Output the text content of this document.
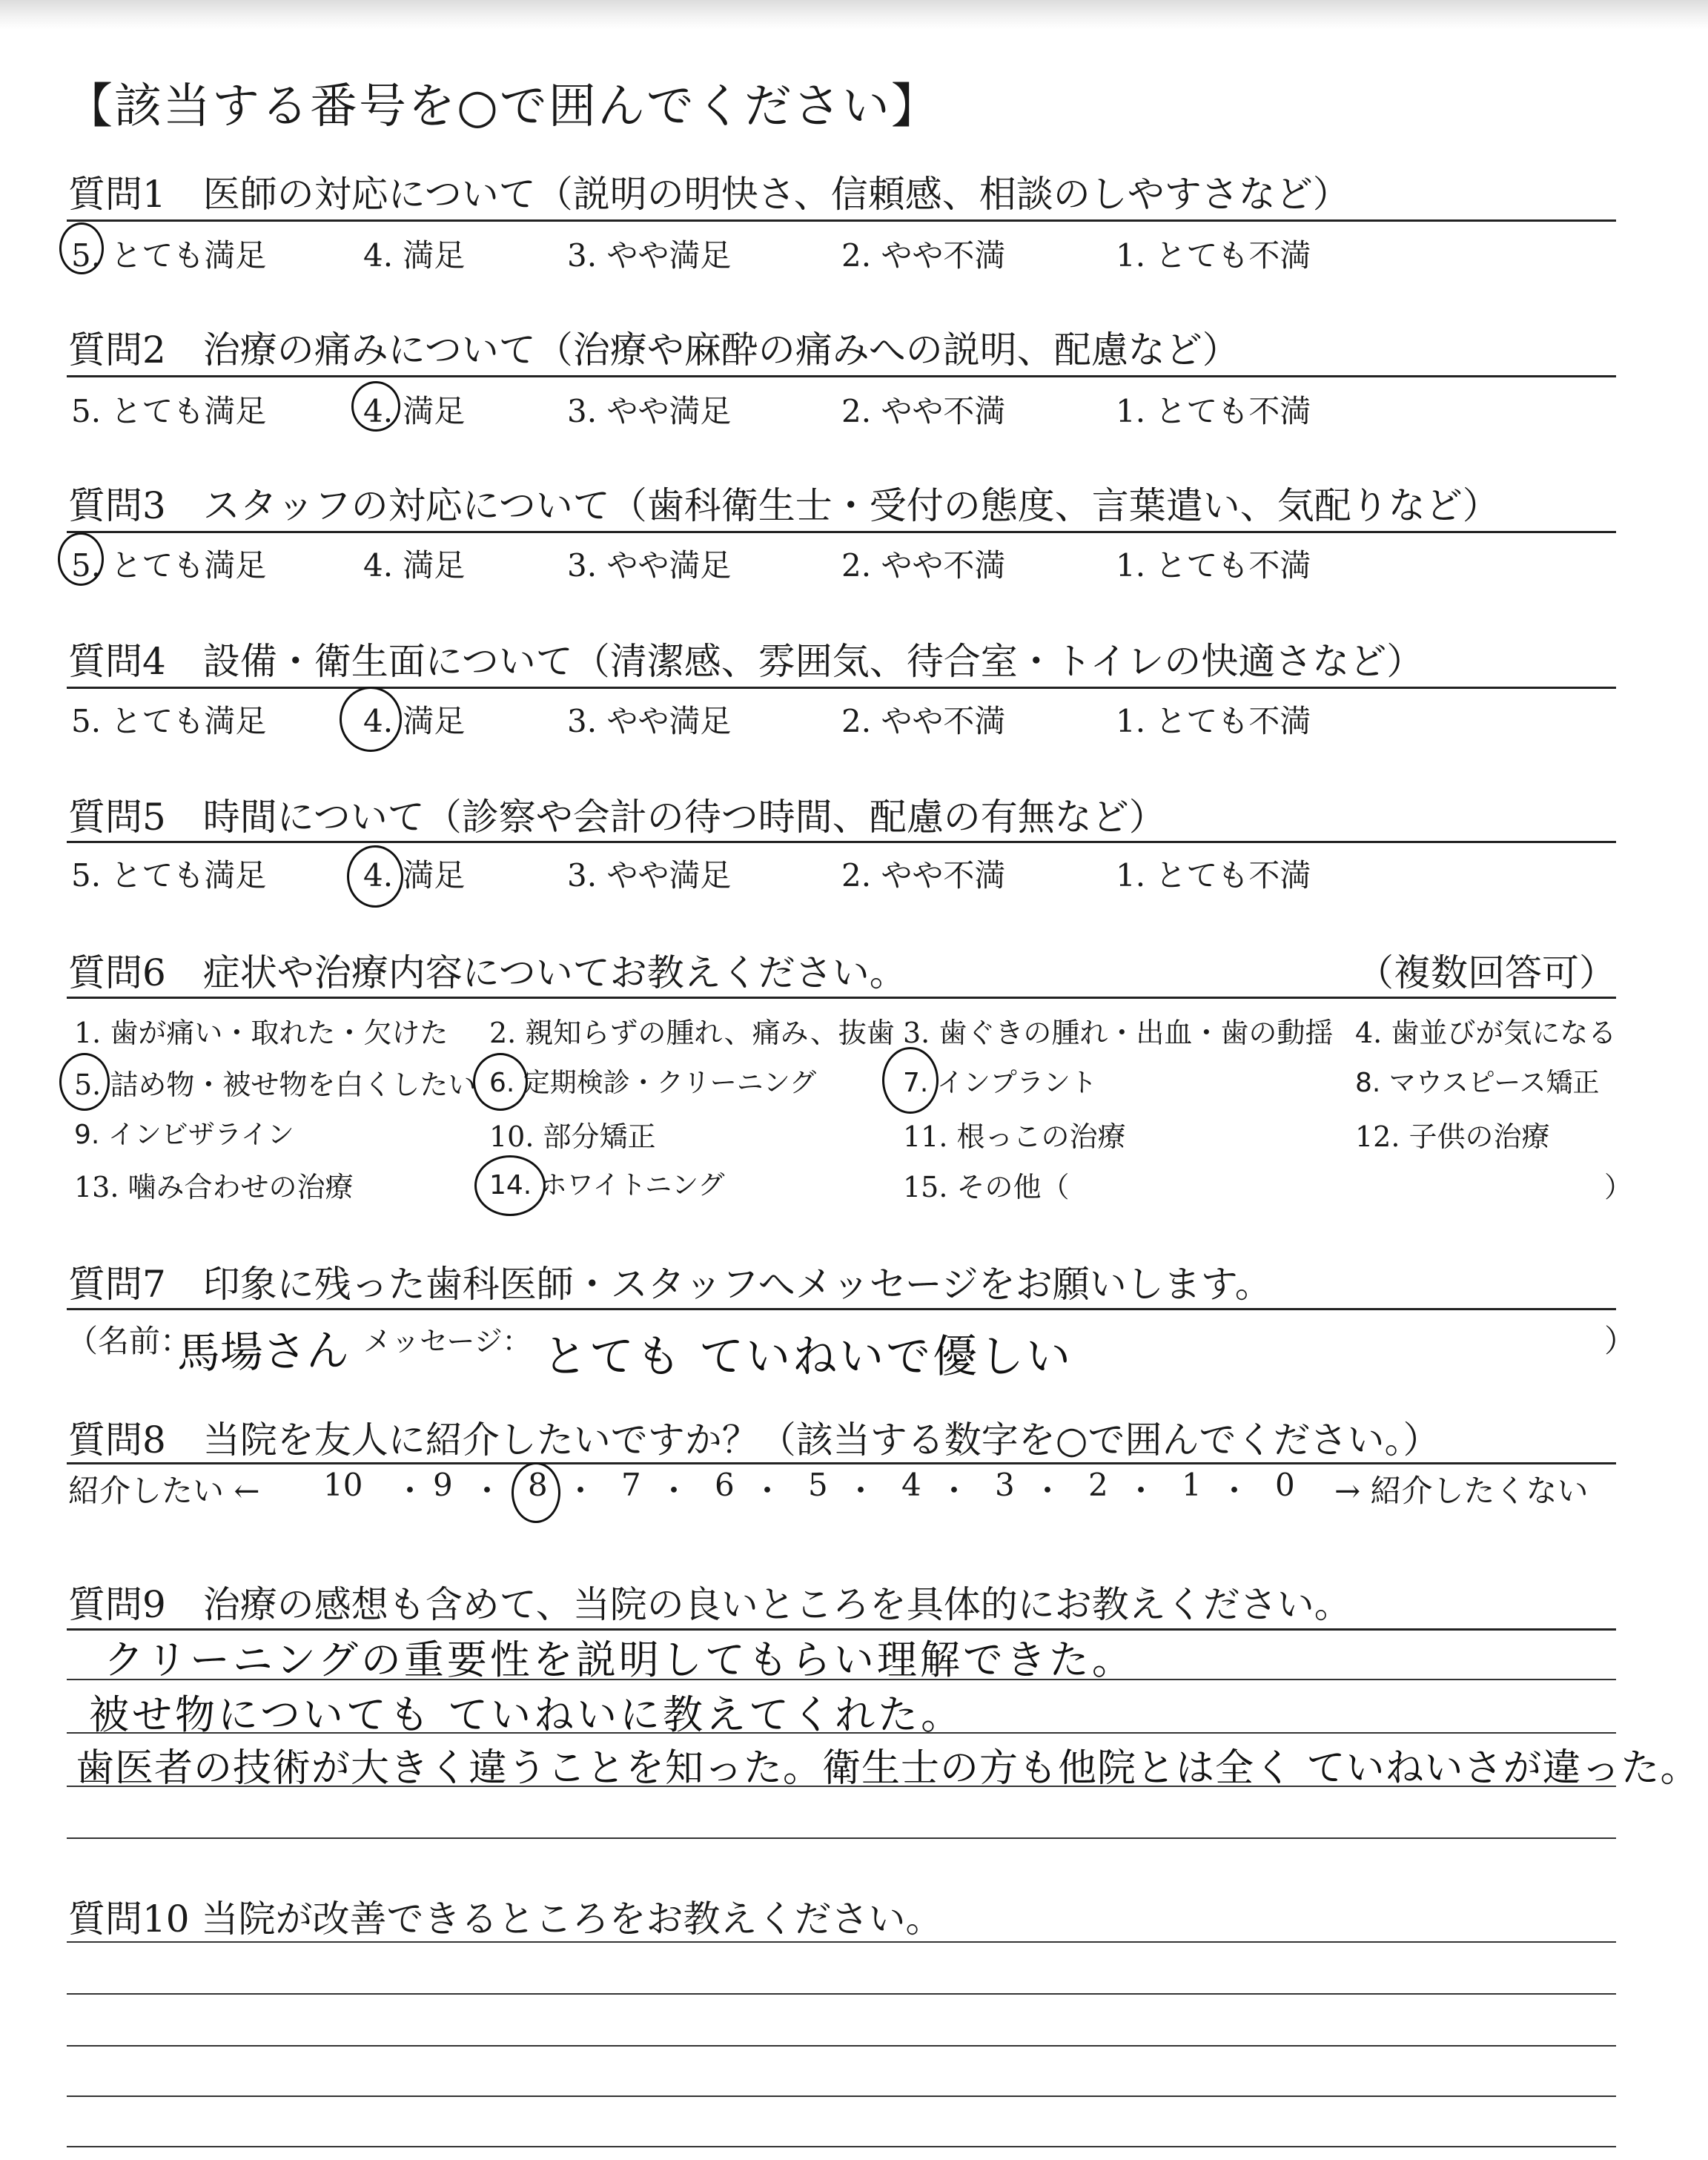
【該当する番号を○で囲んでください】
質問1　医師の対応について（説明の明快さ、信頼感、相談のしやすさなど）
5. とても満足	4. 満足	3. やや満足	2. やや不満	1. とても不満
質問2　治療の痛みについて（治療や麻酔の痛みへの説明、配慮など）
5. とても満足	4. 満足	3. やや満足	2. やや不満	1. とても不満
質問3　スタッフの対応について（歯科衛生士・受付の態度、言葉遣い、気配りなど）
5. とても満足	4. 満足	3. やや満足	2. やや不満	1. とても不満
質問4　設備・衛生面について（清潔感、雰囲気、待合室・トイレの快適さなど）
5. とても満足	4. 満足	3. やや満足	2. やや不満	1. とても不満
質問5　時間について（診察や会計の待つ時間、配慮の有無など）
5. とても満足	4. 満足	3. やや満足	2. やや不満	1. とても不満
質問6　症状や治療内容についてお教えください。	（複数回答可）
1. 歯が痛い・取れた・欠けた 2. 親知らずの腫れ、痛み、抜歯 3. 歯ぐきの腫れ・出血・歯の動揺 4. 歯並びが気になる
5. 詰め物・被せ物を白くしたい 6. 定期検診・クリーニング	7. インプラント	8. マウスピース矯正
9. インビザライン	10. 部分矯正	11. 根っこの治療	12. 子供の治療
13. 噛み合わせの治療	14. ホワイトニング	15. その他（	）
質問7　印象に残った歯科医師・スタッフへメッセージをお願いします。
（名前：
馬場さん メッセージ： とても ていねいで優しい	）
質問8　当院を友人に紹介したいですか？（該当する数字を○で囲んでください。）
紹介したい ← 10 ・ 9 ・ 8 ・ 7 ・ 6 ・ 5 ・ 4 ・ 3 ・ 2 ・ 1 ・ 0 → 紹介したくない
質問9　治療の感想も含めて、当院の良いところを具体的にお教えください。
クリーニングの重要性を説明してもらい理解できた。
被せ物についても ていねいに教えてくれた。
歯医者の技術が大きく違うことを知った。衛生士の方も他院とは全く ていねいさが違った。
質問10 当院が改善できるところをお教えください。
